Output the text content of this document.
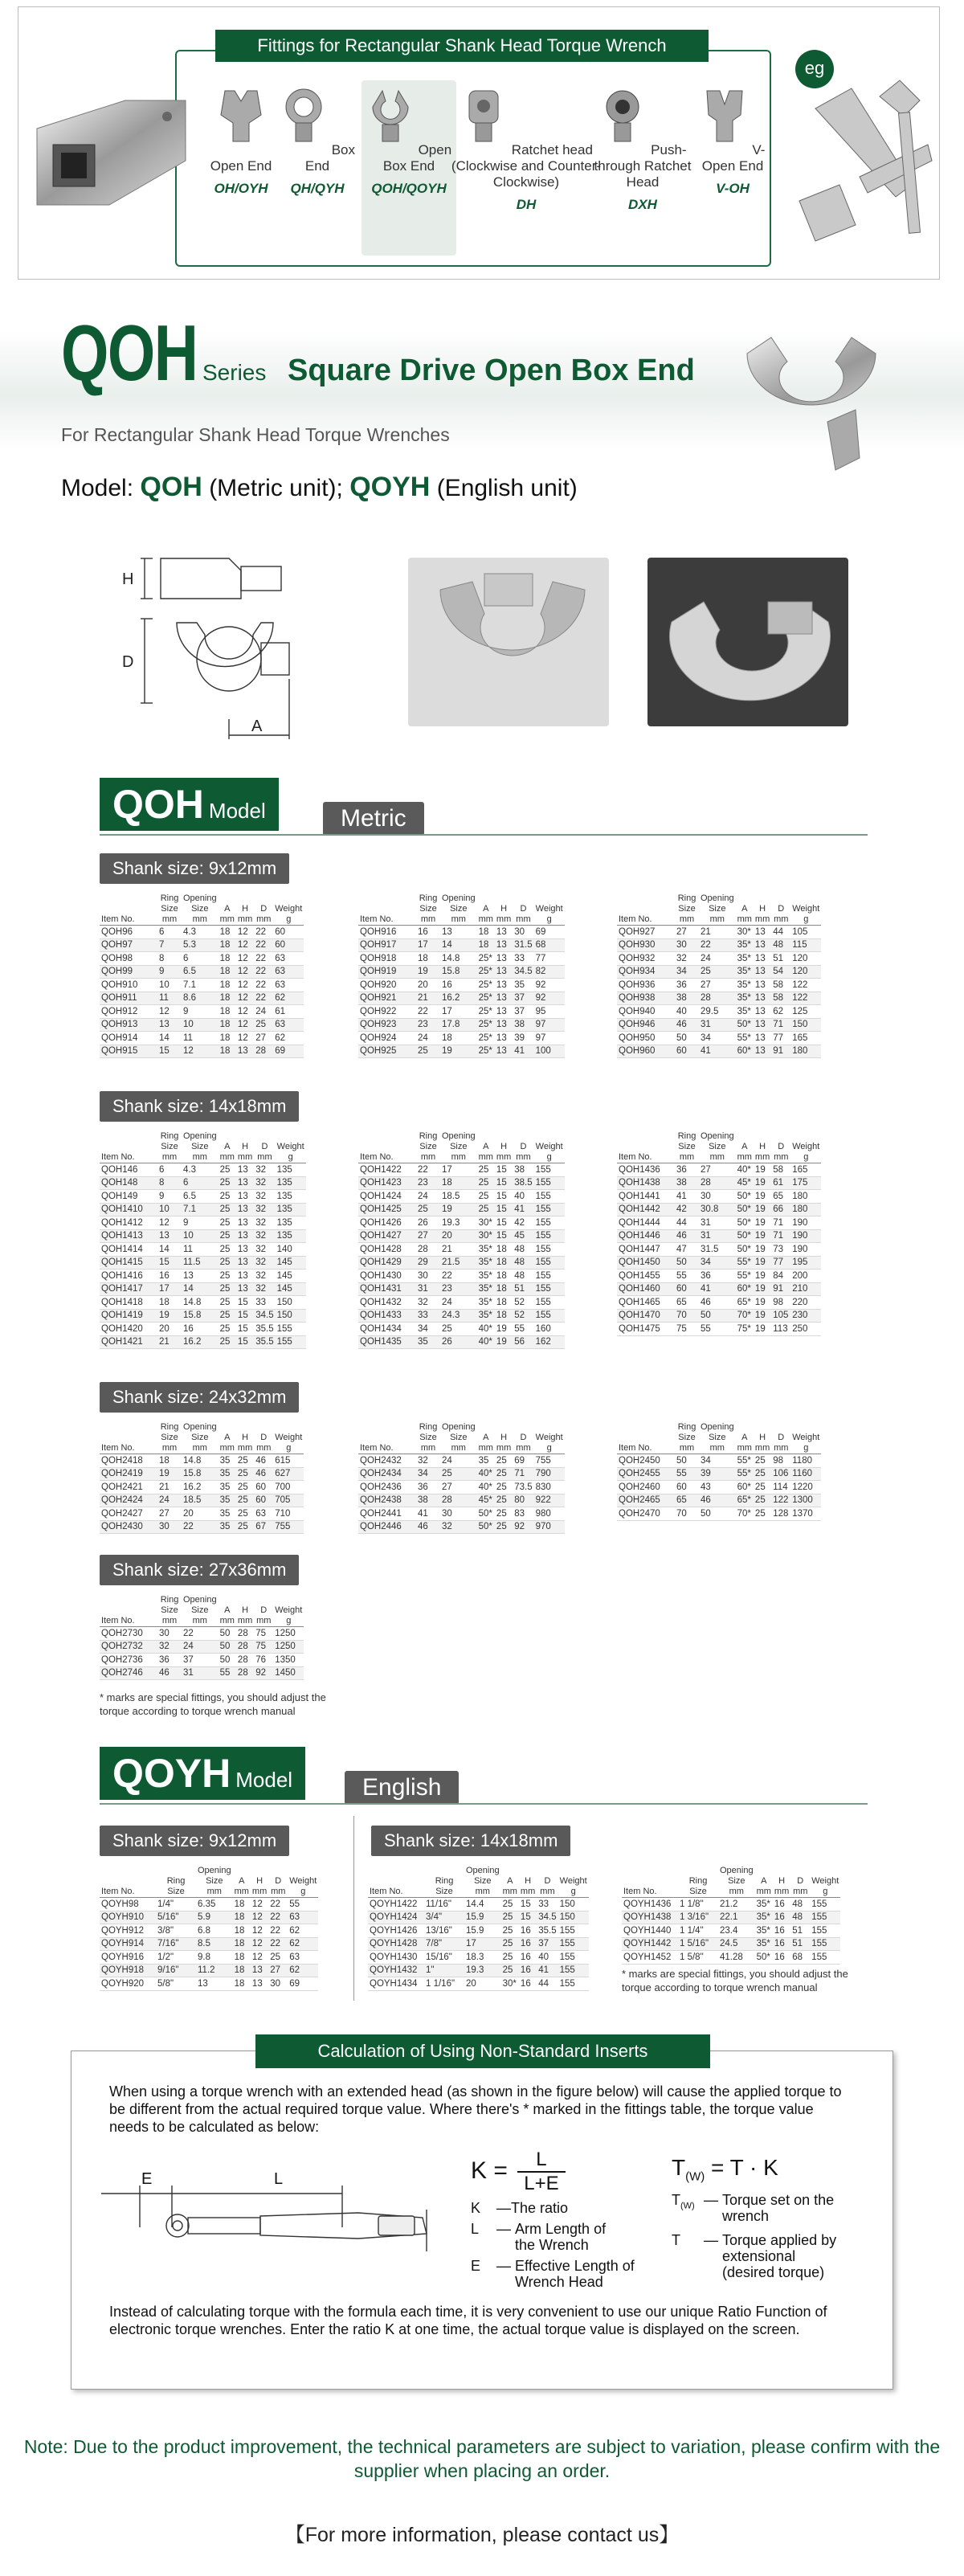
Fittings for Rectangular Shank Head Torque Wrench
Open End
OH/OYH
Box End
QH/QYH
Open Box End
QOH/QOYH
Ratchet head (Clockwise and Counter-Clockwise)
DH
Push-through Ratchet Head
DXH
V-Open End
V-OH
eg
QOH Series Square Drive Open Box End
For Rectangular Shank Head Torque Wrenches
Model: QOH (Metric unit); QOYH (English unit)
H
D
A
QOH Model	Metric
Shank size: 9x12mm
Shank size: 14x18mm
Shank size: 24x32mm
Shank size: 27x36mm
* marks are special fittings, you should adjust the torque according to torque wrench manual
QOYH Model	English
Shank size: 9x12mm	Shank size: 14x18mm
* marks are special fittings, you should adjust the torque according to torque wrench manual
Calculation of Using Non-Standard Inserts
When using a torque wrench with an extended head (as shown in the figure below) will cause the applied torque to be different from the actual required torque value. Where there's * marked in the fittings table, the torque value needs to be calculated as below:
E	L	$K = \frac{L}{L+E}$
K	— The ratio
L	— Arm Length of the Wrench
E	— Effective Length of Wrench Head
$T_{(W)} = T \cdot K$
$T_{(W)}$ — Torque set on the wrench
T	— Torque applied by extensional (desired torque)
Instead of calculating torque with the formula each time, it is very convenient to use our unique Ratio Function of electronic torque wrenches. Enter the ratio K at one time, the actual torque value is displayed on the screen.
Note: Due to the product improvement, the technical parameters are subject to variation, please confirm with the supplier when placing an order.
【For more information, please contact us】
Item No.	Ring Size mm	Opening Size mm	A mm	H mm	D mm	Weight g
QOH96	6	4.3	18	12	22	60
QOH97	7	5.3	18	12	22	60
QOH98	8	6	18	12	22	63
QOH99	9	6.5	18	12	22	63
QOH910	10	7.1	18	12	22	63
QOH911	11	8.6	18	12	22	62
QOH912	12	9	18	12	24	61
QOH913	13	10	18	12	25	63
QOH914	14	11	18	12	27	62
QOH915	15	12	18	13	28	69
Item No.	Ring Size mm	Opening Size mm	A mm	H mm	D mm	Weight g
QOH916	16	13	18	13	30	69
QOH917	17	14	18	13	31.5	68
QOH918	18	14.8	25*	13	33	77
QOH919	19	15.8	25*	13	34.5	82
QOH920	20	16	25*	13	35	92
QOH921	21	16.2	25*	13	37	92
QOH922	22	17	25*	13	37	95
QOH923	23	17.8	25*	13	38	97
QOH924	24	18	25*	13	39	97
QOH925	25	19	25*	13	41	100
Item No.	Ring Size mm	Opening Size mm	A mm	H mm	D mm	Weight g
QOH927	27	21	30*	13	44	105
QOH930	30	22	35*	13	48	115
QOH932	32	24	35*	13	51	120
QOH934	34	25	35*	13	54	120
QOH936	36	27	35*	13	58	122
QOH938	38	28	35*	13	58	122
QOH940	40	29.5	35*	13	62	125
QOH946	46	31	50*	13	71	150
QOH950	50	34	55*	13	77	165
QOH960	60	41	60*	13	91	180
Item No.	Ring Size mm	Opening Size mm	A mm	H mm	D mm	Weight g
QOH146	6	4.3	25	13	32	135
QOH148	8	6	25	13	32	135
QOH149	9	6.5	25	13	32	135
QOH1410	10	7.1	25	13	32	135
QOH1412	12	9	25	13	32	135
QOH1413	13	10	25	13	32	135
QOH1414	14	11	25	13	32	140
QOH1415	15	11.5	25	13	32	145
QOH1416	16	13	25	13	32	145
QOH1417	17	14	25	13	32	145
QOH1418	18	14.8	25	15	33	150
QOH1419	19	15.8	25	15	34.5	150
QOH1420	20	16	25	15	35.5	155
QOH1421	21	16.2	25	15	35.5	155
Item No.	Ring Size mm	Opening Size mm	A mm	H mm	D mm	Weight g
QOH1422	22	17	25	15	38	155
QOH1423	23	18	25	15	38.5	155
QOH1424	24	18.5	25	15	40	155
QOH1425	25	19	25	15	41	155
QOH1426	26	19.3	30*	15	42	155
QOH1427	27	20	30*	15	45	155
QOH1428	28	21	35*	18	48	155
QOH1429	29	21.5	35*	18	48	155
QOH1430	30	22	35*	18	48	155
QOH1431	31	23	35*	18	51	155
QOH1432	32	24	35*	18	52	155
QOH1433	33	24.3	35*	18	52	155
QOH1434	34	25	40*	19	55	160
QOH1435	35	26	40*	19	56	162
Item No.	Ring Size mm	Opening Size mm	A mm	H mm	D mm	Weight g
QOH1436	36	27	40*	19	58	165
QOH1438	38	28	45*	19	61	175
QOH1441	41	30	50*	19	65	180
QOH1442	42	30.8	50*	19	66	180
QOH1444	44	31	50*	19	71	190
QOH1446	46	31	50*	19	71	190
QOH1447	47	31.5	50*	19	73	190
QOH1450	50	34	55*	19	77	195
QOH1455	55	36	55*	19	84	200
QOH1460	60	41	60*	19	91	210
QOH1465	65	46	65*	19	98	220
QOH1470	70	50	70*	19	105	230
QOH1475	75	55	75*	19	113	250
Item No.	Ring Size mm	Opening Size mm	A mm	H mm	D mm	Weight g
QOH2418	18	14.8	35	25	46	615
QOH2419	19	15.8	35	25	46	627
QOH2421	21	16.2	35	25	60	700
QOH2424	24	18.5	35	25	60	705
QOH2427	27	20	35	25	63	710
QOH2430	30	22	35	25	67	755
Item No.	Ring Size mm	Opening Size mm	A mm	H mm	D mm	Weight g
QOH2432	32	24	35	25	69	755
QOH2434	34	25	40*	25	71	790
QOH2436	36	27	40*	25	73.5	830
QOH2438	38	28	45*	25	80	922
QOH2441	41	30	50*	25	83	980
QOH2446	46	32	50*	25	92	970
Item No.	Ring Size mm	Opening Size mm	A mm	H mm	D mm	Weight g
QOH2450	50	34	55*	25	98	1180
QOH2455	55	39	55*	25	106	1160
QOH2460	60	43	60*	25	114	1220
QOH2465	65	46	65*	25	122	1300
QOH2470	70	50	70*	25	128	1370
Item No.	Ring Size mm	Opening Size mm	A mm	H mm	D mm	Weight g
QOH2730	30	22	50	28	75	1250
QOH2732	32	24	50	28	75	1250
QOH2736	36	37	50	28	76	1350
QOH2746	46	31	55	28	92	1450
Item No.	Ring Size	Opening Size mm	A mm	H mm	D mm	Weight g
QOYH98	1/4"	6.35	18	12	22	55
QOYH910	5/16"	5.9	18	12	22	63
QOYH912	3/8"	6.8	18	12	22	62
QOYH914	7/16"	8.5	18	12	22	62
QOYH916	1/2"	9.8	18	12	25	63
QOYH918	9/16"	11.2	18	13	27	62
QOYH920	5/8"	13	18	13	30	69
Item No.	Ring Size	Opening Size mm	A mm	H mm	D mm	Weight g
QOYH1422	11/16"	14.4	25	15	33	150
QOYH1424	3/4"	15.9	25	15	34.5	150
QOYH1426	13/16"	15.9	25	16	35.5	155
QOYH1428	7/8"	17	25	16	37	155
QOYH1430	15/16"	18.3	25	16	40	155
QOYH1432	1"	19.3	25	16	41	155
QOYH1434	1 1/16"	20	30*	16	44	155
Item No.	Ring Size	Opening Size mm	A mm	H mm	D mm	Weight g
QOYH1436	1 1/8"	21.2	35*	16	48	155
QOYH1438	1 3/16"	22.1	35*	16	48	155
QOYH1440	1 1/4"	23.4	35*	16	51	155
QOYH1442	1 5/16"	24.5	35*	16	51	155
QOYH1452	1 5/8"	41.28	50*	16	68	155
